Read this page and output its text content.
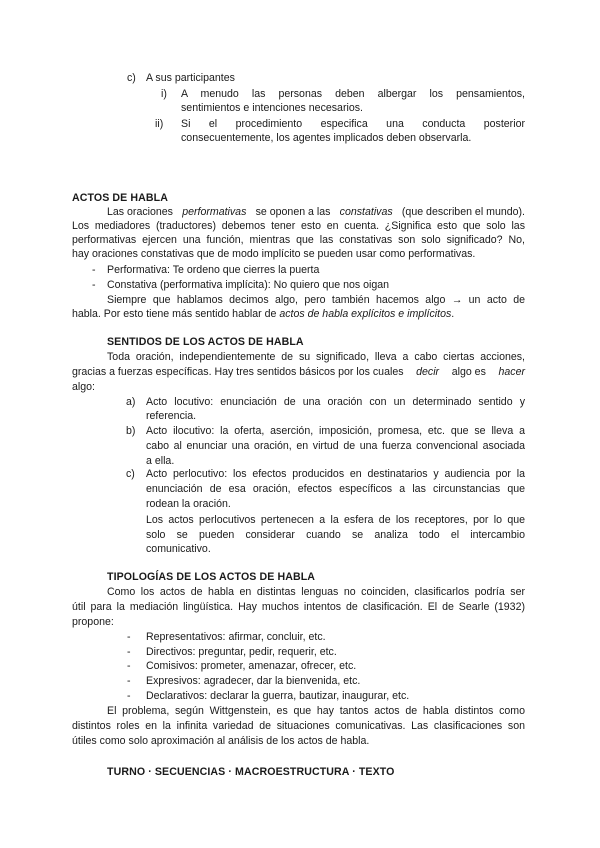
c) A sus participantes
i) A menudo las personas deben albergar los pensamientos,
sentimientos e intenciones necesarios.
ii) Si el procedimiento especifica una conducta posterior
consecuentemente, los agentes implicados deben observarla.
ACTOS DE HABLA
Las oraciones performativas se oponen a las constativas (que describen el mundo).
Los mediadores (traductores) debemos tener esto en cuenta. ¿Significa esto que solo las
performativas ejercen una función, mientras que las constativas son solo significado? No,
hay oraciones constativas que de modo implícito se pueden usar como performativas.
- Performativa: Te ordeno que cierres la puerta
- Constativa (performativa implícita): No quiero que nos oigan
Siempre que hablamos decimos algo, pero también hacemos algo → un acto de
habla. Por esto tiene más sentido hablar de actos de habla explícitos e implícitos.
SENTIDOS DE LOS ACTOS DE HABLA
Toda oración, independientemente de su significado, lleva a cabo ciertas acciones,
gracias a fuerzas específicas. Hay tres sentidos básicos por los cuales decir algo es hacer
algo:
a) Acto locutivo: enunciación de una oración con un determinado sentido y
referencia.
b) Acto ilocutivo: la oferta, aserción, imposición, promesa, etc. que se lleva a
cabo al enunciar una oración, en virtud de una fuerza convencional asociada
a ella.
c) Acto perlocutivo: los efectos producidos en destinatarios y audiencia por la
enunciación de esa oración, efectos específicos a las circunstancias que
rodean la oración.
Los actos perlocutivos pertenecen a la esfera de los receptores, por lo que
solo se pueden considerar cuando se analiza todo el intercambio
comunicativo.
TIPOLOGÍAS DE LOS ACTOS DE HABLA
Como los actos de habla en distintas lenguas no coinciden, clasificarlos podría ser
útil para la mediación lingüística. Hay muchos intentos de clasificación. El de Searle (1932)
propone:
- Representativos: afirmar, concluir, etc.
- Directivos: preguntar, pedir, requerir, etc.
- Comisivos: prometer, amenazar, ofrecer, etc.
- Expresivos: agradecer, dar la bienvenida, etc.
- Declarativos: declarar la guerra, bautizar, inaugurar, etc.
El problema, según Wittgenstein, es que hay tantos actos de habla distintos como
distintos roles en la infinita variedad de situaciones comunicativas. Las clasificaciones son
útiles como solo aproximación al análisis de los actos de habla.
TURNO · SECUENCIAS · MACROESTRUCTURA · TEXTO
